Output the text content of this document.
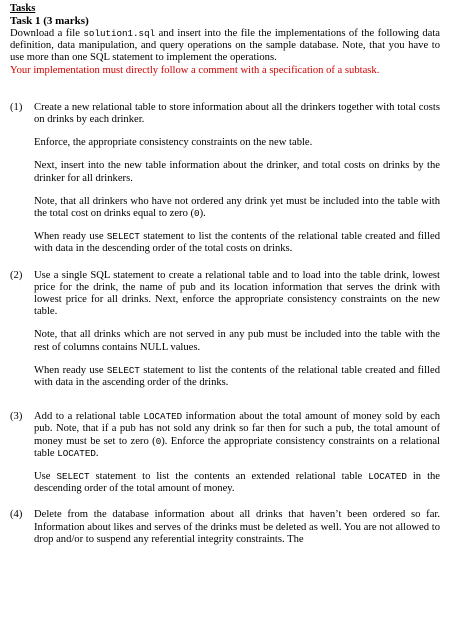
Tasks
Task 1 (3 marks)
Download a file solution1.sql and insert into the file the implementations of the following data definition, data manipulation, and query operations on the sample database. Note, that you have to use more than one SQL statement to implement the operations.
Your implementation must directly follow a comment with a specification of a subtask.
(1)	Create a new relational table to store information about all the drinkers together with total costs on drinks by each drinker.

Enforce, the appropriate consistency constraints on the new table.

Next, insert into the new table information about the drinker, and total costs on drinks by the drinker for all drinkers.

Note, that all drinkers who have not ordered any drink yet must be included into the table with the total cost on drinks equal to zero (0).

When ready use SELECT statement to list the contents of the relational table created and filled with data in the descending order of the total costs on drinks.

(2)	Use a single SQL statement to create a relational table and to load into the table drink, lowest price for the drink, the name of pub and its location information that serves the drink with lowest price for all drinks. Next, enforce the appropriate consistency constraints on the new table.

Note, that all drinks which are not served in any pub must be included into the table with the rest of columns contains NULL values.

When ready use SELECT statement to list the contents of the relational table created and filled with data in the ascending order of the drinks.

(3)	Add to a relational table LOCATED information about the total amount of money sold by each pub. Note, that if a pub has not sold any drink so far then for such a pub, the total amount of money must be set to zero (0). Enforce the appropriate consistency constraints on a relational table LOCATED.

Use SELECT statement to list the contents an extended relational table LOCATED in the descending order of the total amount of money.

(4)	Delete from the database information about all drinks that haven’t been ordered so far. Information about likes and serves of the drinks must be deleted as well. You are not allowed to drop and/or to suspend any referential integrity constraints. The
